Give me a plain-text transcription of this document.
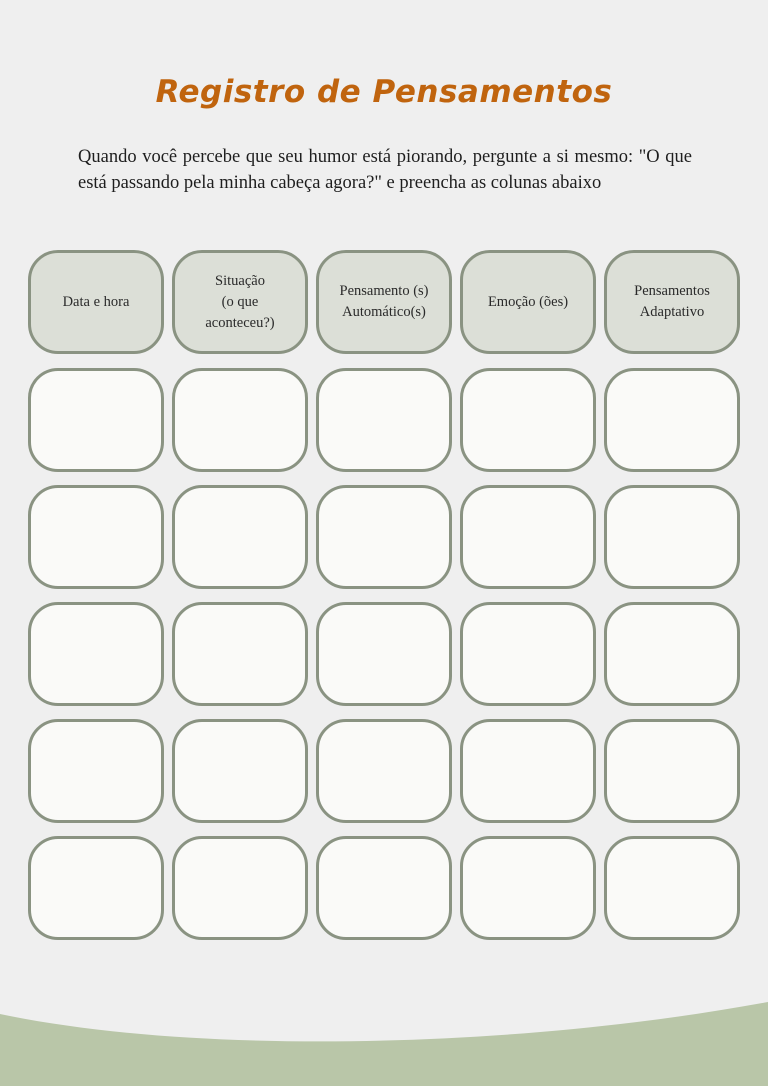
Registro de Pensamentos

Quando você percebe que seu humor está piorando, pergunte a si mesmo: "O que está passando pela minha cabeça agora?" e preencha as colunas abaixo

Data e hora
Situação
(o que
aconteceu?)
Pensamento (s)
Automático(s)
Emoção (ões)
Pensamentos
Adaptativo
